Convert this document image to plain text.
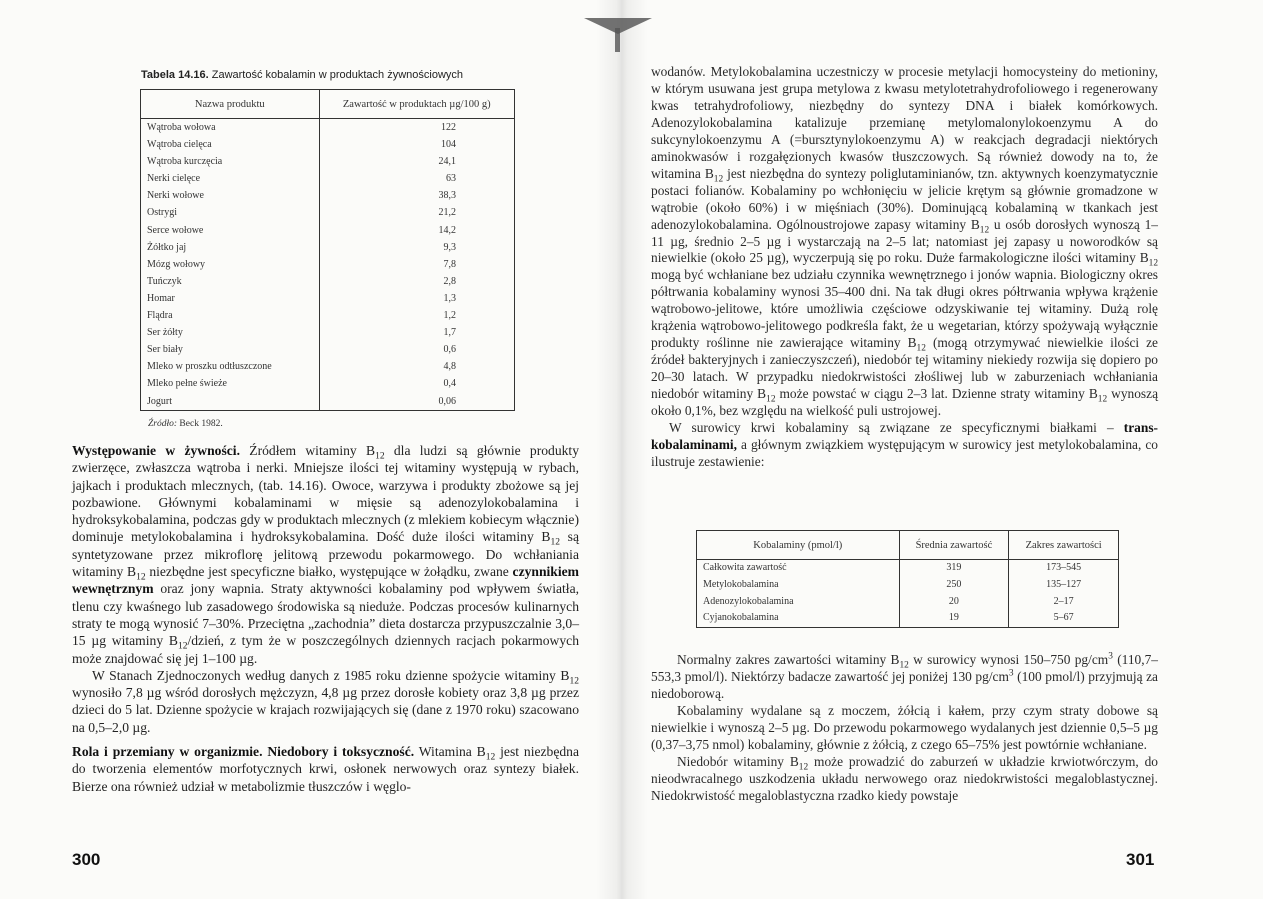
Tabela 14.16. Zawartość kobalamin w produktach żywnościowych
Nazwa produktu	Zawartość w produktach µg/100 g)
Wątroba wołowa	122
Wątroba cielęca	104
Wątroba kurczęcia	24,1
Nerki cielęce	63
Nerki wołowe	38,3
Ostrygi	21,2
Serce wołowe	14,2
Żółtko jaj	9,3
Mózg wołowy	7,8
Tuńczyk	2,8
Homar	1,3
Flądra	1,2
Ser żółty	1,7
Ser biały	0,6
Mleko w proszku odtłuszczone	4,8
Mleko pełne świeże	0,4
Jogurt	0,06
Źródło: Beck 1982.

Występowanie w żywności. Źródłem witaminy $B_{12}$ dla ludzi są głównie produkty zwierzęce, zwłaszcza wątroba i nerki. Mniejsze ilości tej witaminy występują w rybach, jajkach i produktach mlecznych, (tab. 14.16). Owoce, warzywa i produkty zbożowe są jej pozbawione. Głównymi kobalaminami w mięsie są adenozylokobalamina i hydroksykobalamina, podczas gdy w produktach mlecznych (z mlekiem kobiecym włącznie) dominuje metylokobalamina i hydroksykobalamina. Dość duże ilości witaminy $B_{12}$ są syntetyzowane przez mikroflorę jelitową przewodu pokarmowego. Do wchłaniania witaminy $B_{12}$ niezbędne jest specyficzne białko, występujące w żołądku, zwane czynnikiem wewnętrznym oraz jony wapnia. Straty aktywności kobalaminy pod wpływem światła, tlenu czy kwaśnego lub zasadowego środowiska są nieduże. Podczas procesów kulinarnych straty te mogą wynosić 7–30%. Przeciętna „zachodnia” dieta dostarcza przypuszczalnie 3,0–15 µg witaminy $B_{12}$/dzień, z tym że w poszczególnych dziennych racjach pokarmowych może znajdować się jej 1–100 µg.

W Stanach Zjednoczonych według danych z 1985 roku dzienne spożycie witaminy $B_{12}$ wynosiło 7,8 µg wśród dorosłych mężczyzn, 4,8 µg przez dorosłe kobiety oraz 3,8 µg przez dzieci do 5 lat. Dzienne spożycie w krajach rozwijających się (dane z 1970 roku) szacowano na 0,5–2,0 µg.

Rola i przemiany w organizmie. Niedobory i toksyczność. Witamina $B_{12}$ jest niezbędna do tworzenia elementów morfotycznych krwi, osłonek nerwowych oraz syntezy białek. Bierze ona również udział w metabolizmie tłuszczów i węglo-

300

wodanów. Metylokobalamina uczestniczy w procesie metylacji homocysteiny do metioniny, w którym usuwana jest grupa metylowa z kwasu metylotetrahydrofoliowego i regenerowany kwas tetrahydrofoliowy, niezbędny do syntezy DNA i białek komórkowych. Adenozylokobalamina katalizuje przemianę metylomalonylokoenzymu A do sukcynylokoenzymu A (=bursztynylokoenzymu A) w reakcjach degradacji niektórych aminokwasów i rozgałęzionych kwasów tłuszczowych. Są również dowody na to, że witamina $B_{12}$ jest niezbędna do syntezy poliglutaminianów, tzn. aktywnych koenzymatycznie postaci folianów. Kobalaminy po wchłonięciu w jelicie krętym są głównie gromadzone w wątrobie (około 60%) i w mięśniach (30%). Dominującą kobalaminą w tkankach jest adenozylokobalamina. Ogólnoustrojowe zapasy witaminy $B_{12}$ u osób dorosłych wynoszą 1–11 µg, średnio 2–5 µg i wystarczają na 2–5 lat; natomiast jej zapasy u noworodków są niewielkie (około 25 µg), wyczerpują się po roku. Duże farmakologiczne ilości witaminy $B_{12}$ mogą być wchłaniane bez udziału czynnika wewnętrznego i jonów wapnia. Biologiczny okres półtrwania kobalaminy wynosi 35–400 dni. Na tak długi okres półtrwania wpływa krążenie wątrobowo-jelitowe, które umożliwia częściowe odzyskiwanie tej witaminy. Dużą rolę krążenia wątrobowo-jelitowego podkreśla fakt, że u wegetarian, którzy spożywają wyłącznie produkty roślinne nie zawierające witaminy $B_{12}$ (mogą otrzymywać niewielkie ilości ze źródeł bakteryjnych i zanieczyszczeń), niedobór tej witaminy niekiedy rozwija się dopiero po 20–30 latach. W przypadku niedokrwistości złośliwej lub w zaburzeniach wchłaniania niedobór witaminy $B_{12}$ może powstać w ciągu 2–3 lat. Dzienne straty witaminy $B_{12}$ wynoszą około 0,1%, bez względu na wielkość puli ustrojowej.

W surowicy krwi kobalaminy są związane ze specyficznymi białkami – trans-kobalaminami, a głównym związkiem występującym w surowicy jest metylokobalamina, co ilustruje zestawienie:

Kobalaminy (pmol/l)	Średnia zawartość	Zakres zawartości
Całkowita zawartość	319	173–545
Metylokobalamina	250	135–127
Adenozylokobalamina	20	2–17
Cyjanokobalamina	19	5–67

Normalny zakres zawartości witaminy $B_{12}$ w surowicy wynosi 150–750 $pg/cm^3$ (110,7–553,3 pmol/l). Niektórzy badacze zawartość jej poniżej 130 $pg/cm^3$ (100 pmol/l) przyjmują za niedoborową.

Kobalaminy wydalane są z moczem, żółcią i kałem, przy czym straty dobowe są niewielkie i wynoszą 2–5 µg. Do przewodu pokarmowego wydalanych jest dziennie 0,5–5 µg (0,37–3,75 nmol) kobalaminy, głównie z żółcią, z czego 65–75% jest powtórnie wchłaniane.

Niedobór witaminy $B_{12}$ może prowadzić do zaburzeń w układzie krwiotwórczym, do nieodwracalnego uszkodzenia układu nerwowego oraz niedokrwistości megaloblastycznej. Niedokrwistość megaloblastyczna rzadko kiedy powstaje

301
